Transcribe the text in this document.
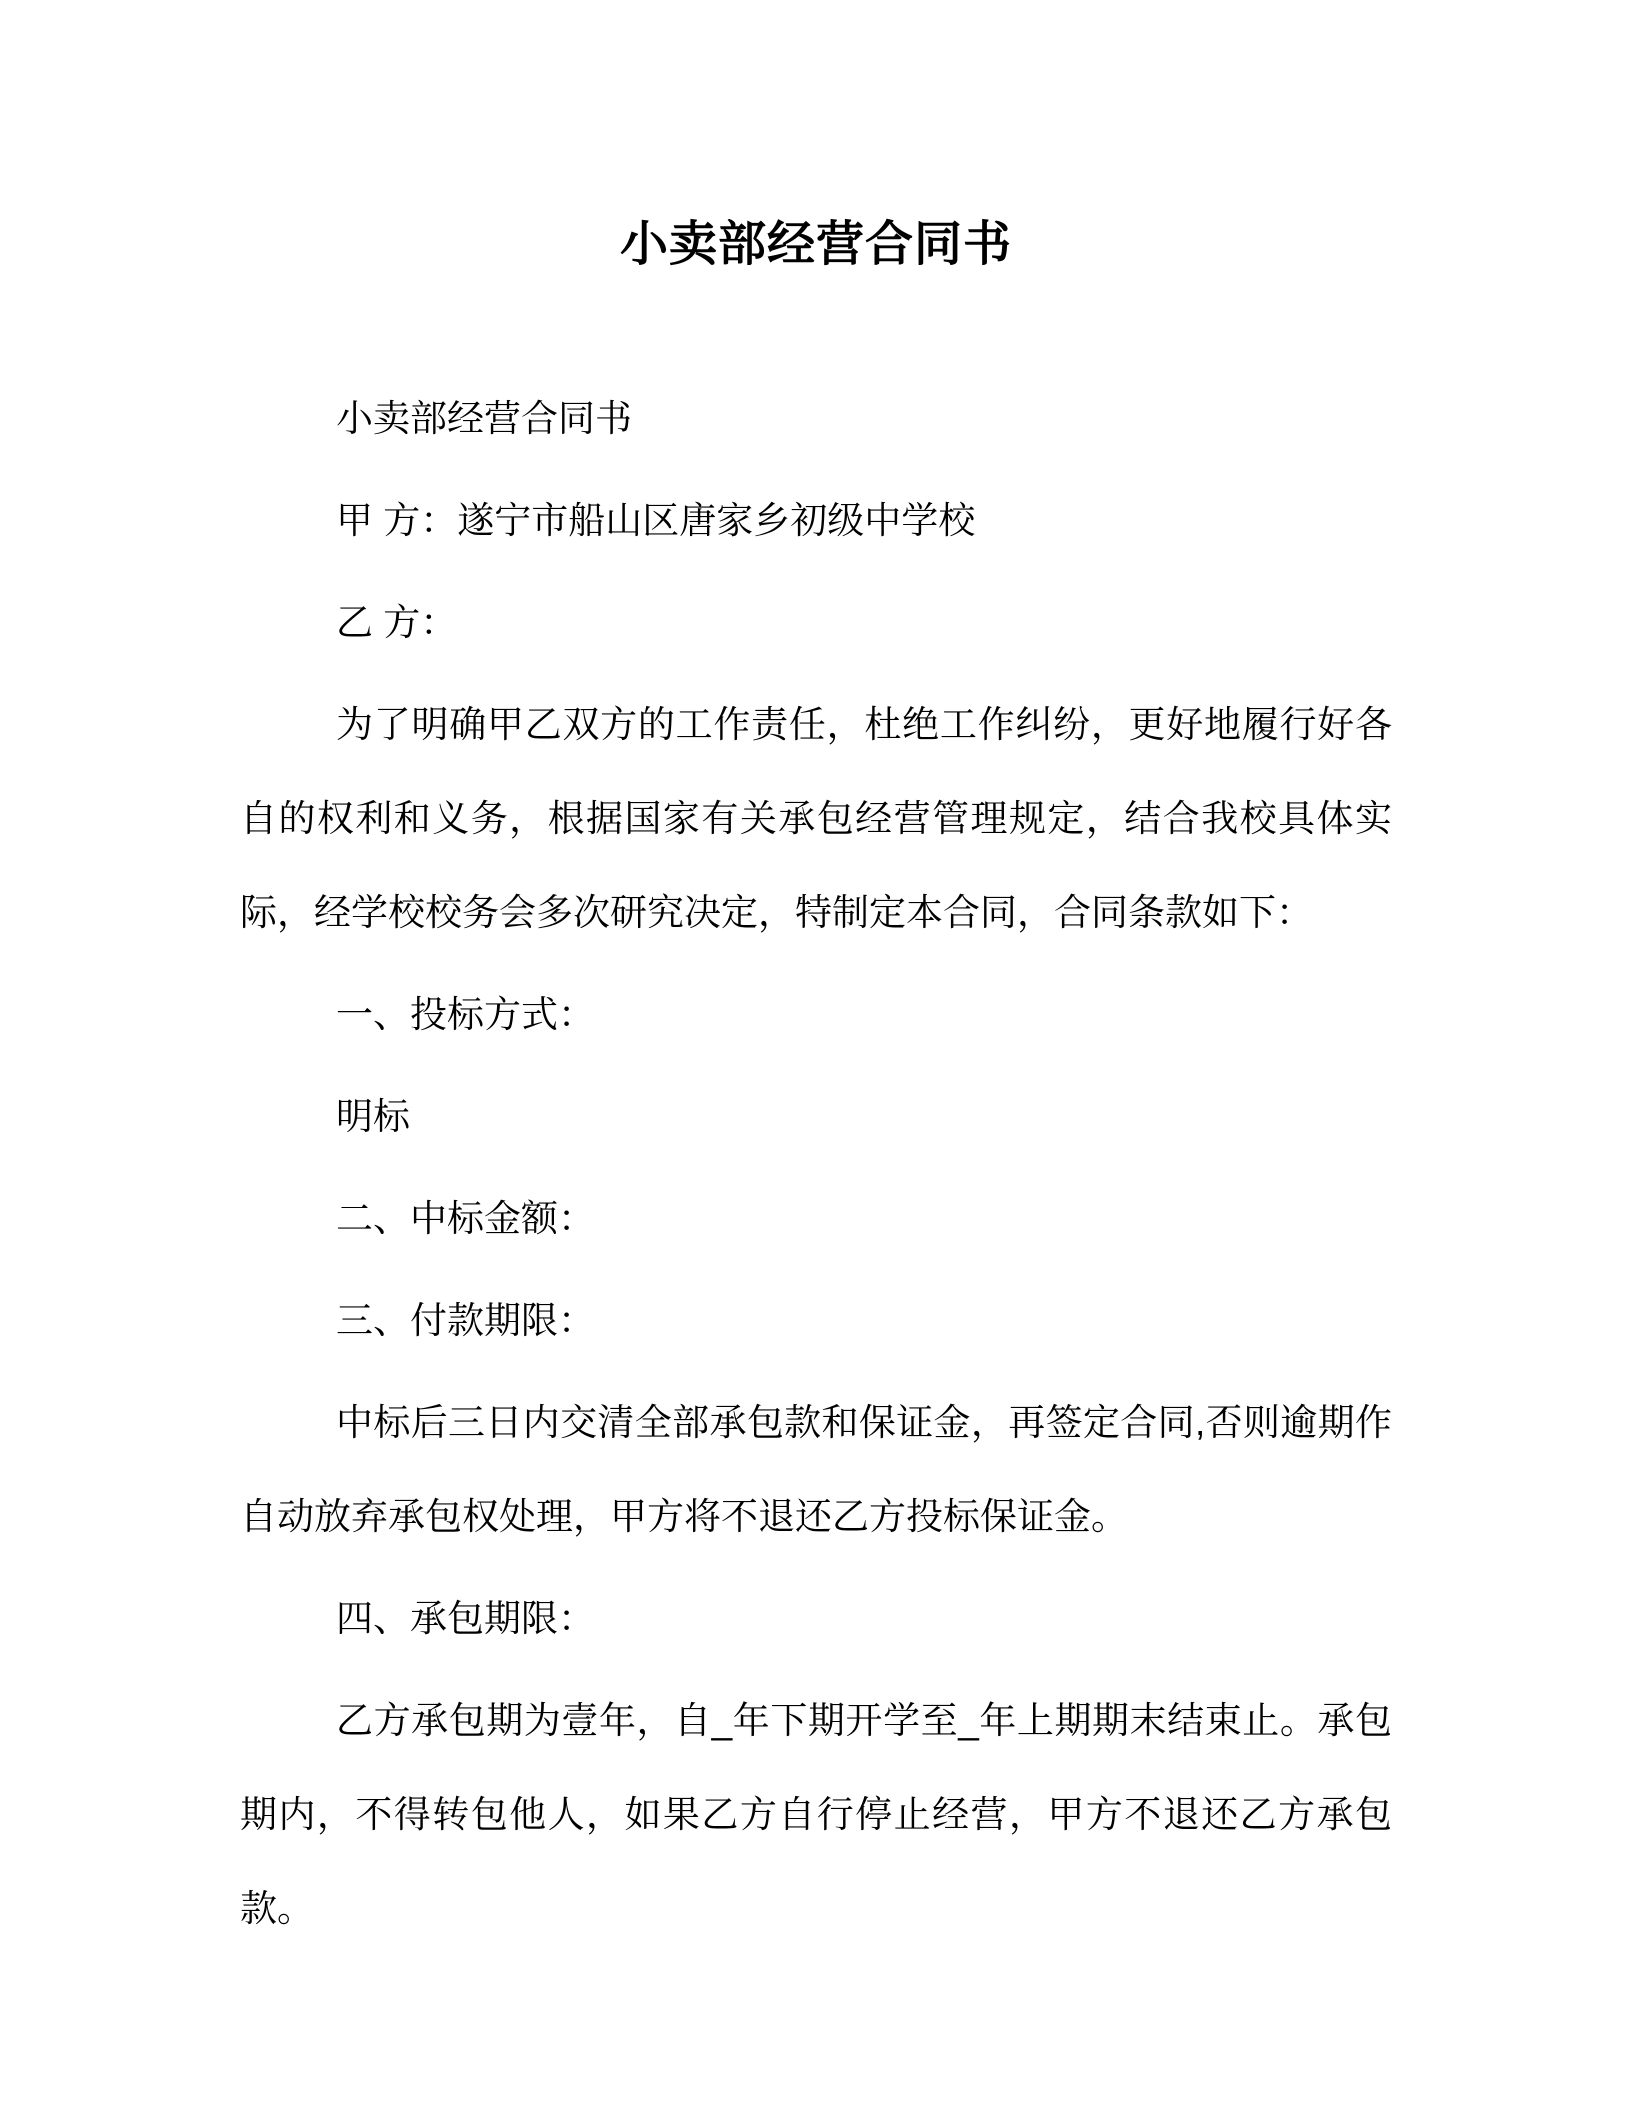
小卖部经营合同书

小卖部经营合同书

甲 方：遂宁市船山区唐家乡初级中学校

乙 方：

为了明确甲乙双方的工作责任，杜绝工作纠纷，更好地履行好各自的权利和义务，根据国家有关承包经营管理规定，结合我校具体实际，经学校校务会多次研究决定，特制定本合同，合同条款如下：

一、投标方式：

明标

二、中标金额：

三、付款期限：

中标后三日内交清全部承包款和保证金，再签定合同,否则逾期作自动放弃承包权处理，甲方将不退还乙方投标保证金。

四、承包期限：

乙方承包期为壹年，自_年下期开学至_年上期期末结束止。承包期内，不得转包他人，如果乙方自行停止经营，甲方不退还乙方承包款。
